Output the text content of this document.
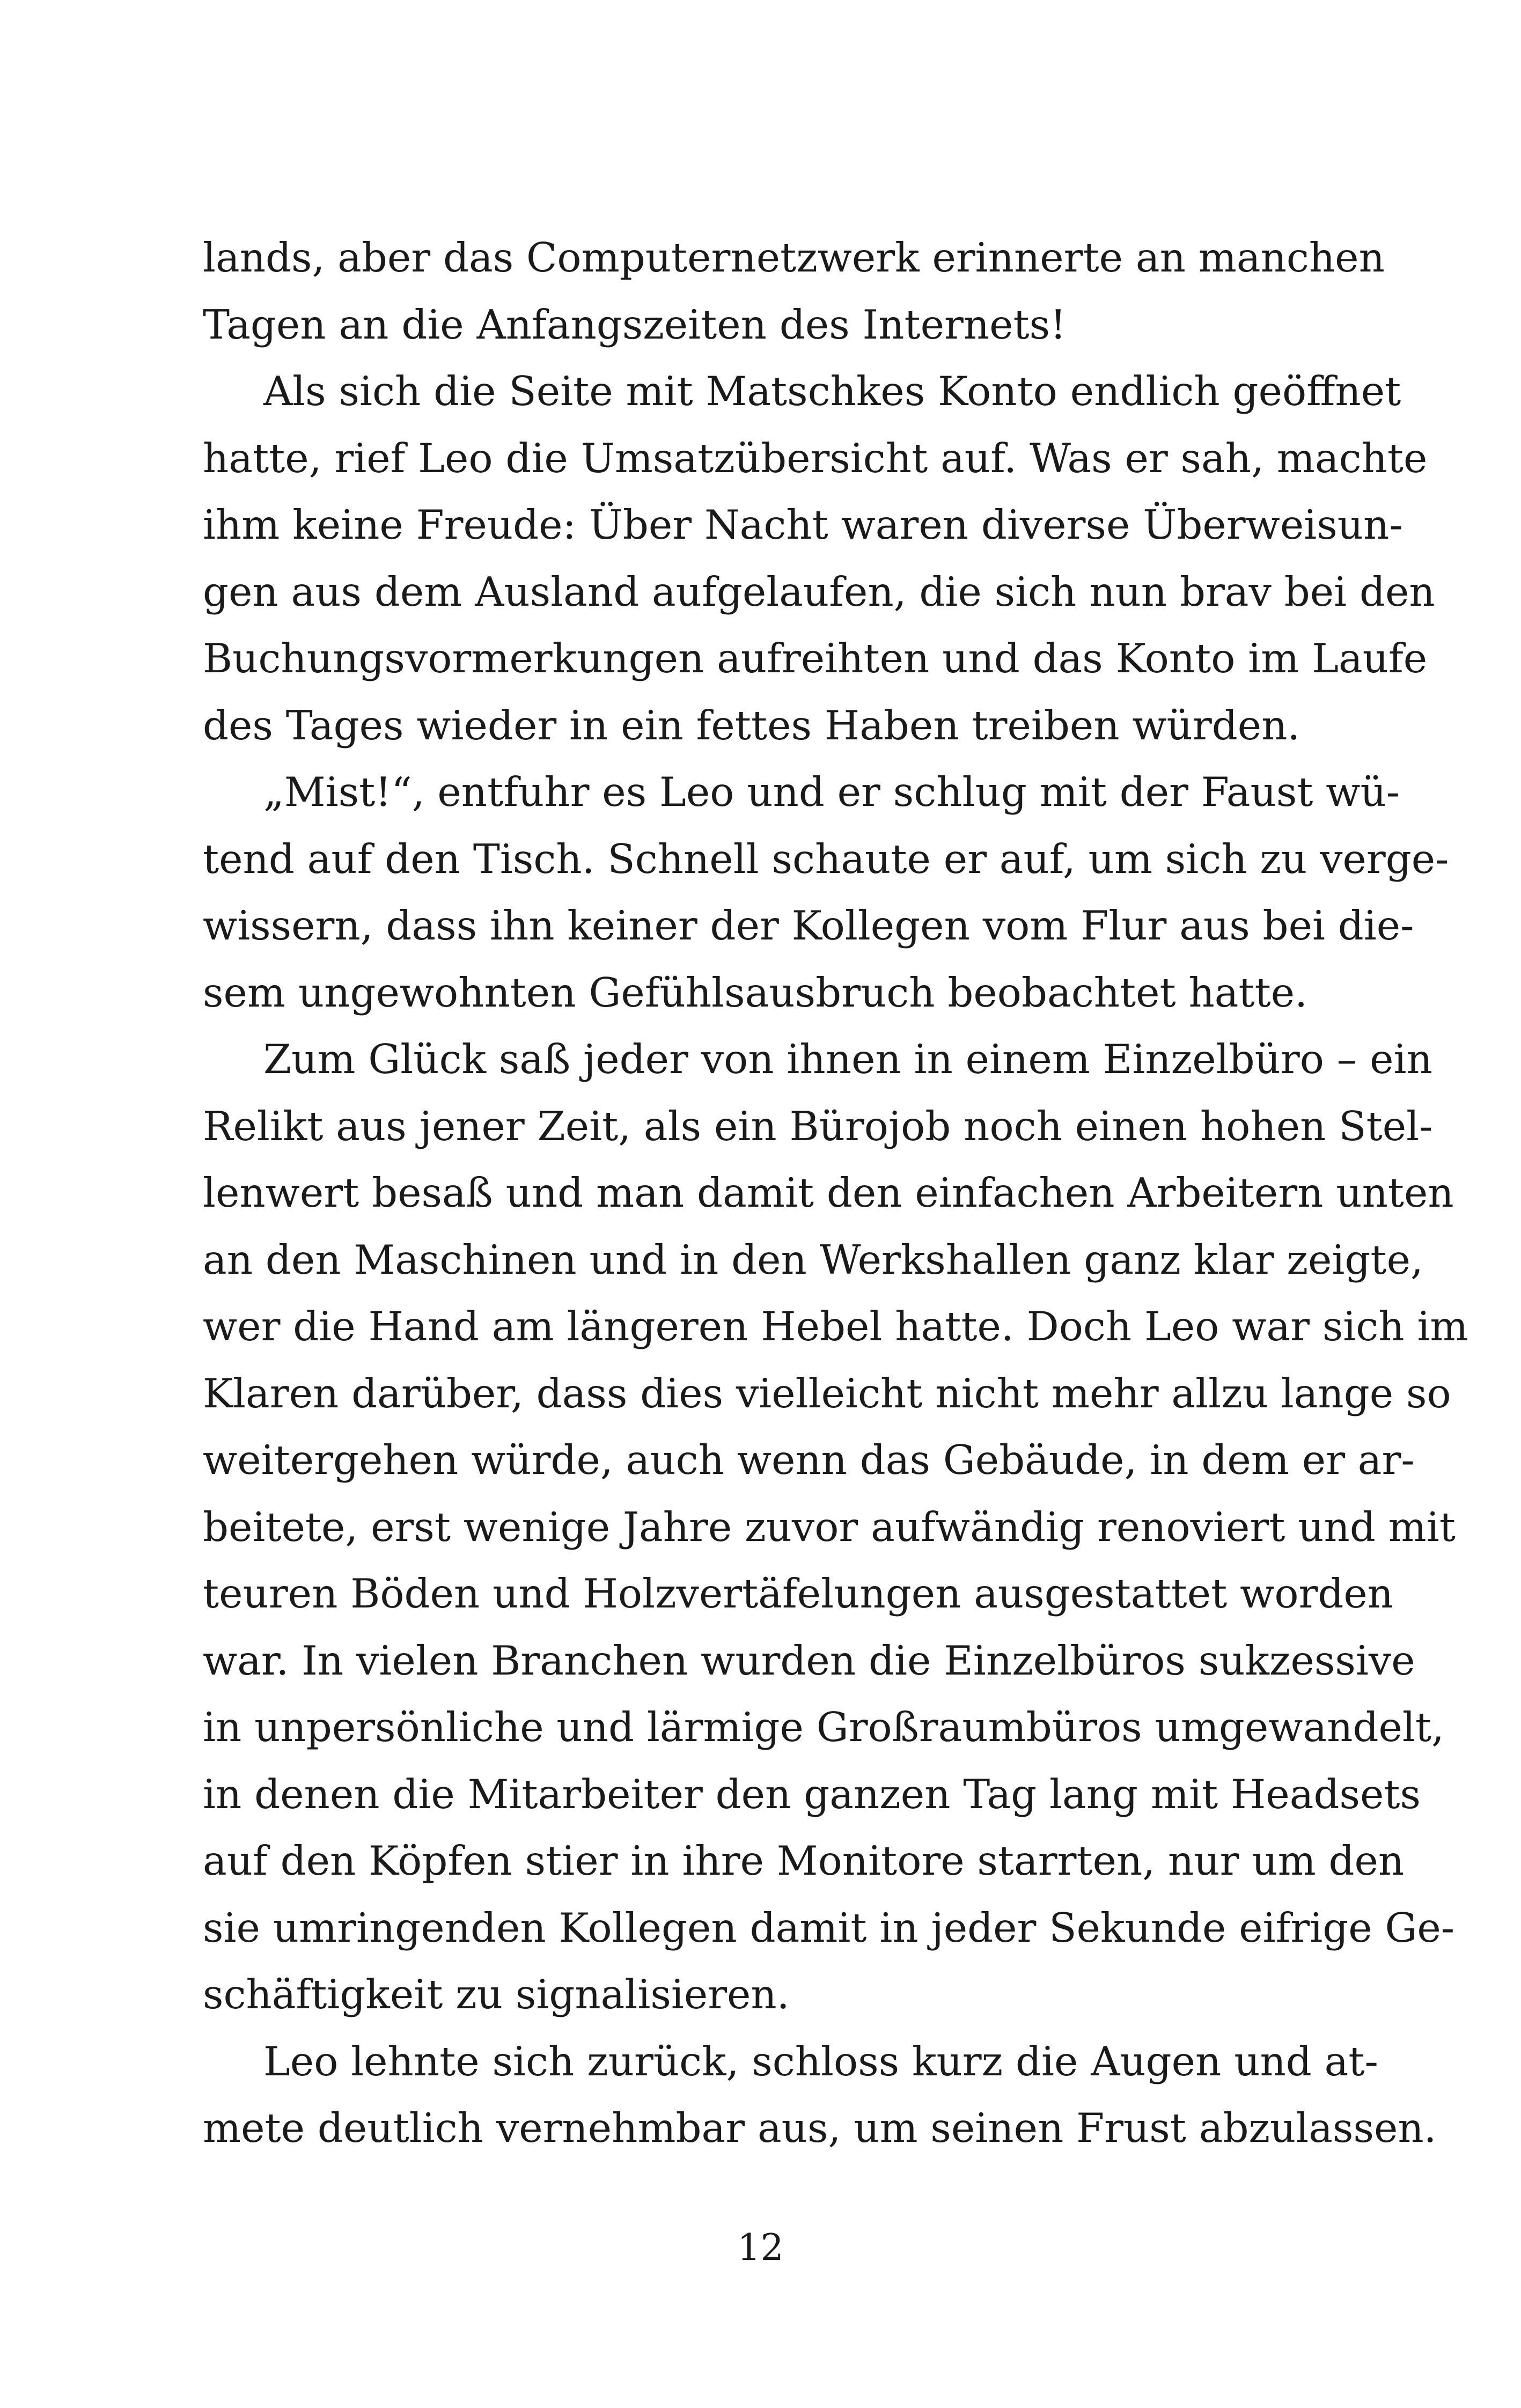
lands, aber das Computernetzwerk erinnerte an manchen
Tagen an die Anfangszeiten des Internets!
Als sich die Seite mit Matschkes Konto endlich geöffnet
hatte, rief Leo die Umsatzübersicht auf. Was er sah, machte
ihm keine Freude: Über Nacht waren diverse Überweisun-
gen aus dem Ausland aufgelaufen, die sich nun brav bei den
Buchungsvormerkungen aufreihten und das Konto im Laufe
des Tages wieder in ein fettes Haben treiben würden.
„Mist!“, entfuhr es Leo und er schlug mit der Faust wü-
tend auf den Tisch. Schnell schaute er auf, um sich zu verge-
wissern, dass ihn keiner der Kollegen vom Flur aus bei die-
sem ungewohnten Gefühlsausbruch beobachtet hatte.
Zum Glück saß jeder von ihnen in einem Einzelbüro – ein
Relikt aus jener Zeit, als ein Bürojob noch einen hohen Stel-
lenwert besaß und man damit den einfachen Arbeitern unten
an den Maschinen und in den Werkshallen ganz klar zeigte,
wer die Hand am längeren Hebel hatte. Doch Leo war sich im
Klaren darüber, dass dies vielleicht nicht mehr allzu lange so
weitergehen würde, auch wenn das Gebäude, in dem er ar-
beitete, erst wenige Jahre zuvor aufwändig renoviert und mit
teuren Böden und Holzvertäfelungen ausgestattet worden
war. In vielen Branchen wurden die Einzelbüros sukzessive
in unpersönliche und lärmige Großraumbüros umgewandelt,
in denen die Mitarbeiter den ganzen Tag lang mit Headsets
auf den Köpfen stier in ihre Monitore starrten, nur um den
sie umringenden Kollegen damit in jeder Sekunde eifrige Ge-
schäftigkeit zu signalisieren.
Leo lehnte sich zurück, schloss kurz die Augen und at-
mete deutlich vernehmbar aus, um seinen Frust abzulassen.
12
